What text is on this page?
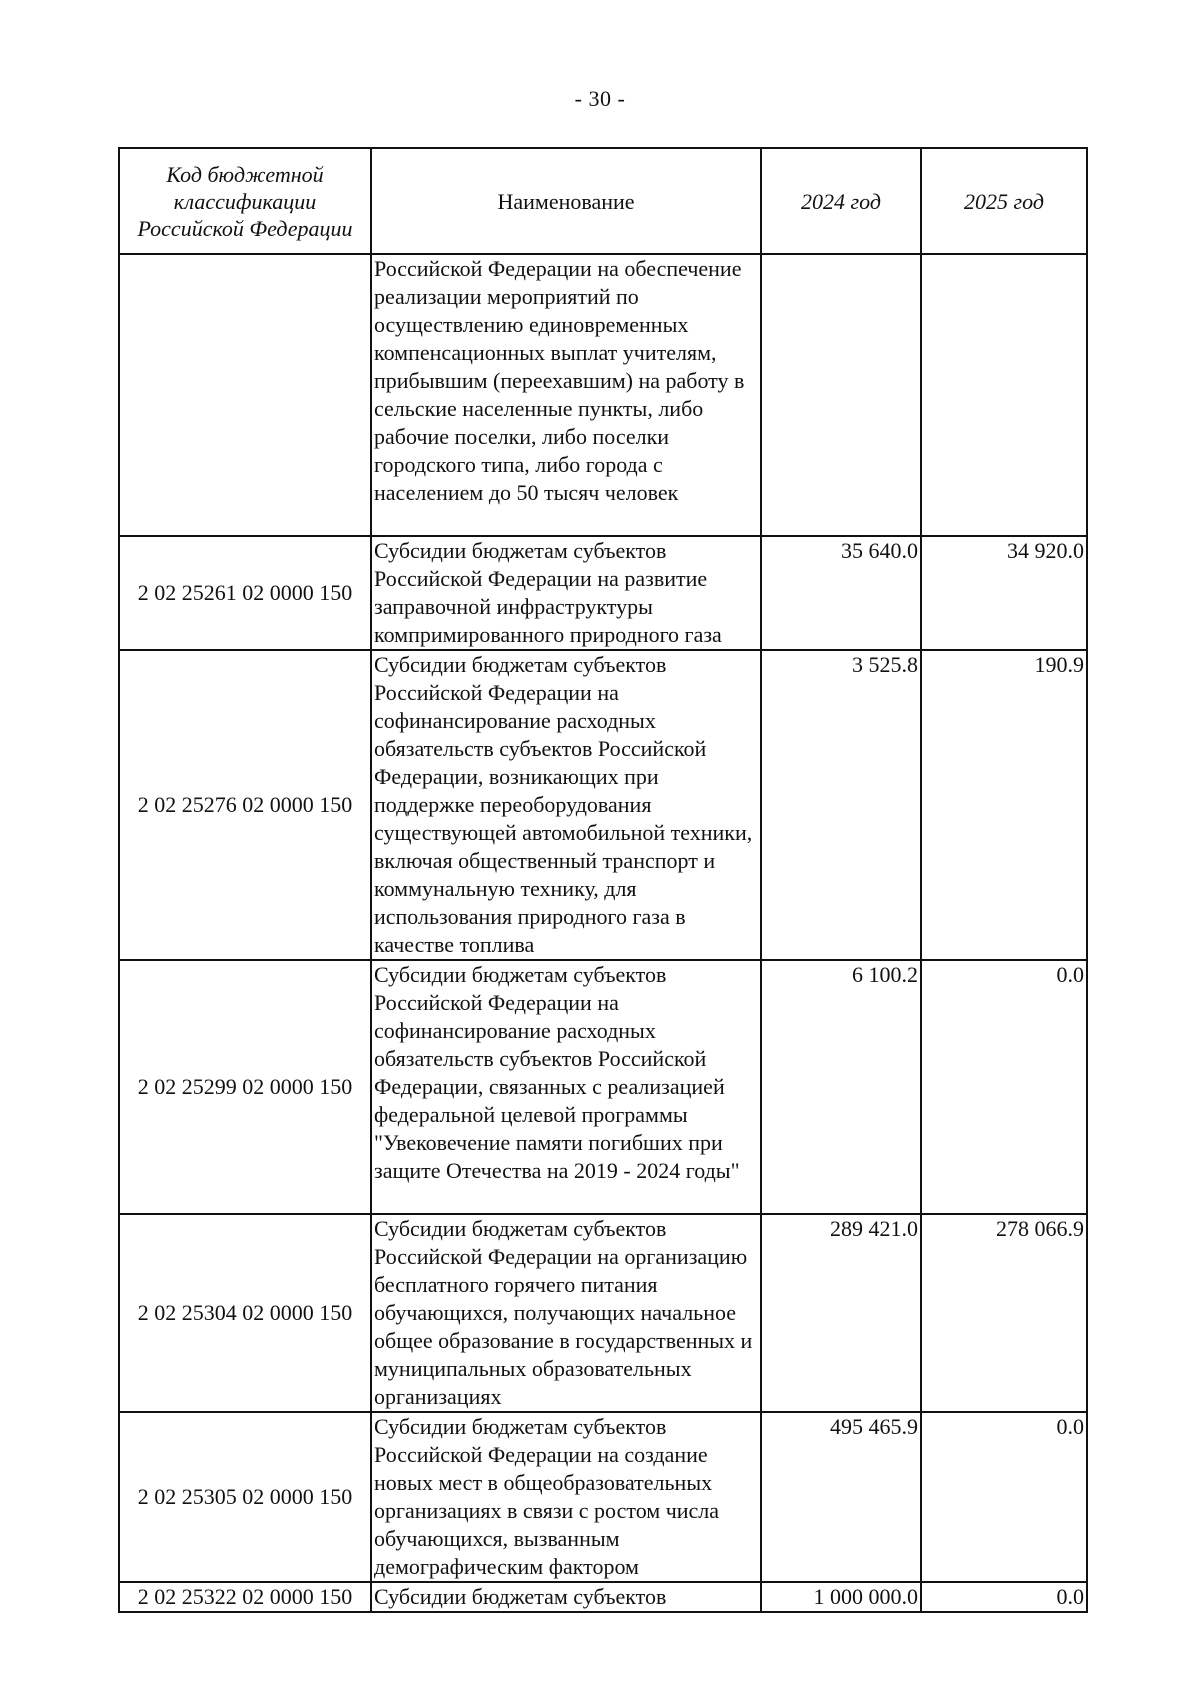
- 30 -
Код бюджетной классификации Российской Федерации	Наименование	2024 год	2025 год
	Российской Федерации на обеспечение реализации мероприятий по осуществлению единовременных компенсационных выплат учителям, прибывшим (переехавшим) на работу в сельские населенные пункты, либо рабочие поселки, либо поселки городского типа, либо города с населением до 50 тысяч человек		
2 02 25261 02 0000 150	Субсидии бюджетам субъектов Российской Федерации на развитие заправочной инфраструктуры компримированного природного газа	35 640.0	34 920.0
2 02 25276 02 0000 150	Субсидии бюджетам субъектов Российской Федерации на софинансирование расходных обязательств субъектов Российской Федерации, возникающих при поддержке переоборудования существующей автомобильной техники, включая общественный транспорт и коммунальную технику, для использования природного газа в качестве топлива	3 525.8	190.9
2 02 25299 02 0000 150	Субсидии бюджетам субъектов Российской Федерации на софинансирование расходных обязательств субъектов Российской Федерации, связанных с реализацией федеральной целевой программы "Увековечение памяти погибших при защите Отечества на 2019 - 2024 годы"	6 100.2	0.0
2 02 25304 02 0000 150	Субсидии бюджетам субъектов Российской Федерации на организацию бесплатного горячего питания обучающихся, получающих начальное общее образование в государственных и муниципальных образовательных организациях	289 421.0	278 066.9
2 02 25305 02 0000 150	Субсидии бюджетам субъектов Российской Федерации на создание новых мест в общеобразовательных организациях в связи с ростом числа обучающихся, вызванным демографическим фактором	495 465.9	0.0
2 02 25322 02 0000 150	Субсидии бюджетам субъектов	1 000 000.0	0.0
